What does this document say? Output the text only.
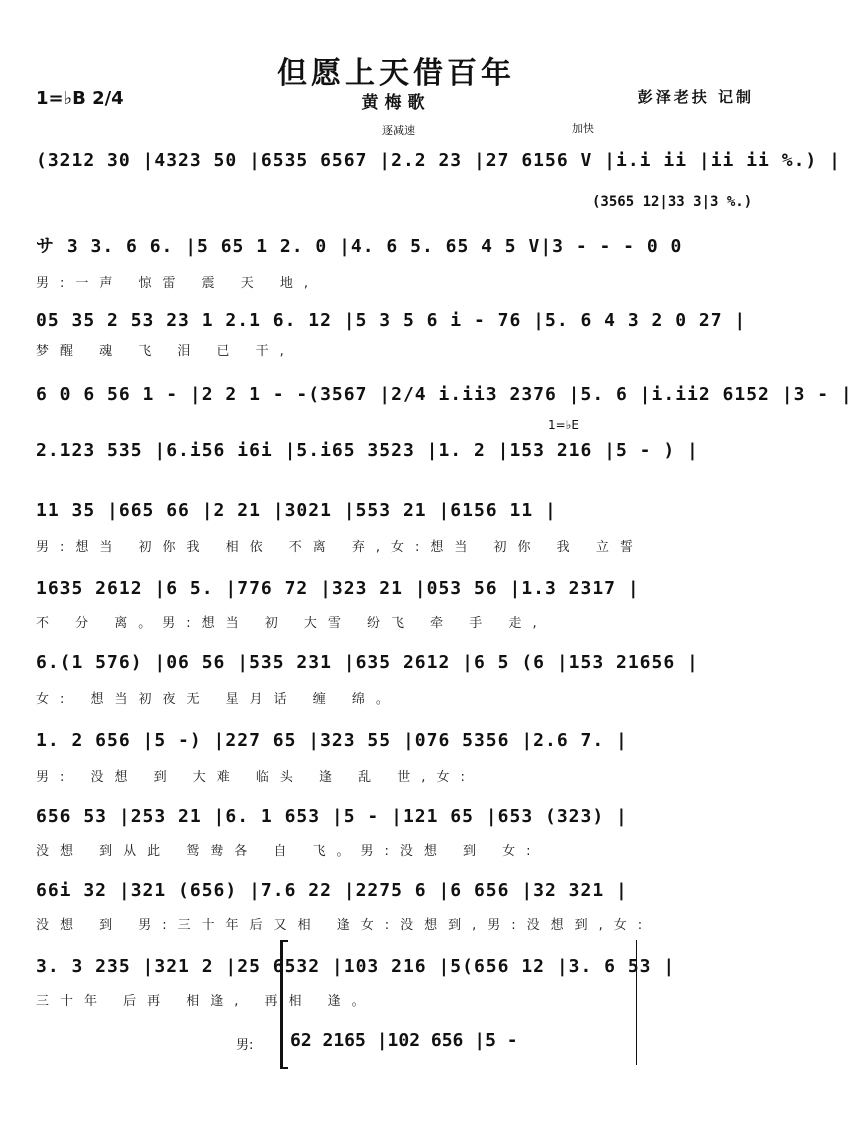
但愿上天借百年
黄梅歌
1=♭B 2/4	彭泽老扶 记制
逐减速	加快
(3212 30 |4323 50 |6535 6567 |2.2 23 |27 6156 V |i.i ii |ii ii %.) |
(3565 12|33 3|3 %.)
サ 3 3. 6 6. |5 65 1 2. 0 |4. 6 5. 65 4 5 V|3 - - - 0 0
男:一声 惊雷 震 天 地,
05 35 2 53 23 1 2.1 6. 12 |5 3 5 6 i - 76 |5. 6 4 3 2 0 27 |
梦醒 魂 飞 泪 已 干,
6 0 6 56 1 - |2 2 1 - -(3567 |2/4 i.ii3 2376 |5. 6 |i.ii2 6152 |3 - |
1=♭E
2.123 535 |6.i56 i6i |5.i65 3523 |1. 2 |153 216 |5 - ) |
11 35 |665 66 |2 21 |3021 |553 21 |6156 11 |
男:想当 初你我 相依 不离 弃,女:想当 初你 我 立誓
1635 2612 |6 5. |776 72 |323 21 |053 56 |1.3 2317 |
不 分 离。男:想当 初 大雪 纷飞 牵 手 走,
6.(1 576) |06 56 |535 231 |635 2612 |6 5 (6 |153 21656 |
女: 想当初夜无 星月话 缠 绵。
1. 2 656 |5 -) |227 65 |323 55 |076 5356 |2.6 7. |
男: 没想 到 大难 临头 逢 乱 世,女:
656 53 |253 21 |6. 1 653 |5 - |121 65 |653 (323) |
没想 到从此 鸳鸯各 自 飞。男:没想 到 女:
66i 32 |321 (656) |7.6 22 |2275 6 |6 656 |32 321 |
没想 到 男:三十年后又相 逢女:没想到,男:没想到,女:
3. 3 235 |321 2 |25 6532 |103 216 |5(656 12 |3. 6 53 |
三十年 后再 相逢, 再相 逢。
男: 62 2165 |102 656 |5 -
